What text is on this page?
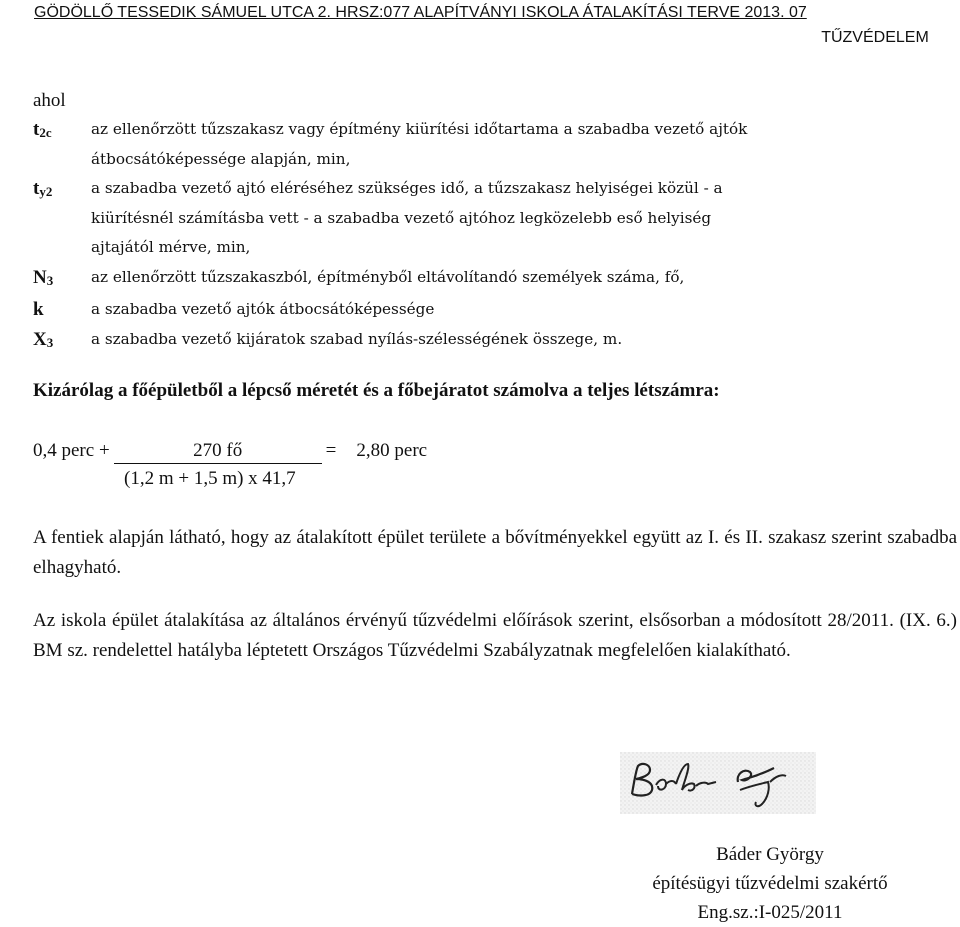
GÖDÖLLŐ TESSEDIK SÁMUEL UTCA 2. HRSZ:077 ALAPÍTVÁNYI ISKOLA ÁTALAKÍTÁSI TERVE 2013. 07
TŰZVÉDELEM
ahol
$t_{2c}$	az ellenőrzött tűzszakasz vagy építmény kiürítési időtartama a szabadba vezető ajtók
átbocsátóképessége alapján, min,
$t_{y2}$	a szabadba vezető ajtó eléréséhez szükséges idő, a tűzszakasz helyiségei közül - a
kiürítésnél számításba vett - a szabadba vezető ajtóhoz legközelebb eső helyiség
ajtajától mérve, min,
$N_3$	az ellenőrzött tűzszakaszból, építményből eltávolítandó személyek száma, fő,
k	a szabadba vezető ajtók átbocsátóképessége
$X_3$	a szabadba vezető kijáratok szabad nyílás-szélességének összege, m.
Kizárólag a főépületből a lépcső méretét és a főbejáratot számolva a teljes létszámra:
0,4 perc +	270 fő	= 2,80 perc
(1,2 m + 1,5 m) x 41,7
A fentiek alapján látható, hogy az átalakított épület területe a bővítményekkel együtt az I. és II. szakasz szerint szabadba elhagyható.
Az iskola épület átalakítása az általános érvényű tűzvédelmi előírások szerint, elsősorban a módosított 28/2011. (IX. 6.) BM sz. rendelettel hatályba léptetett Országos Tűzvédelmi Szabályzatnak megfelelően kialakítható.
Báder György
építésügyi tűzvédelmi szakértő
Eng.sz.:I-025/2011
